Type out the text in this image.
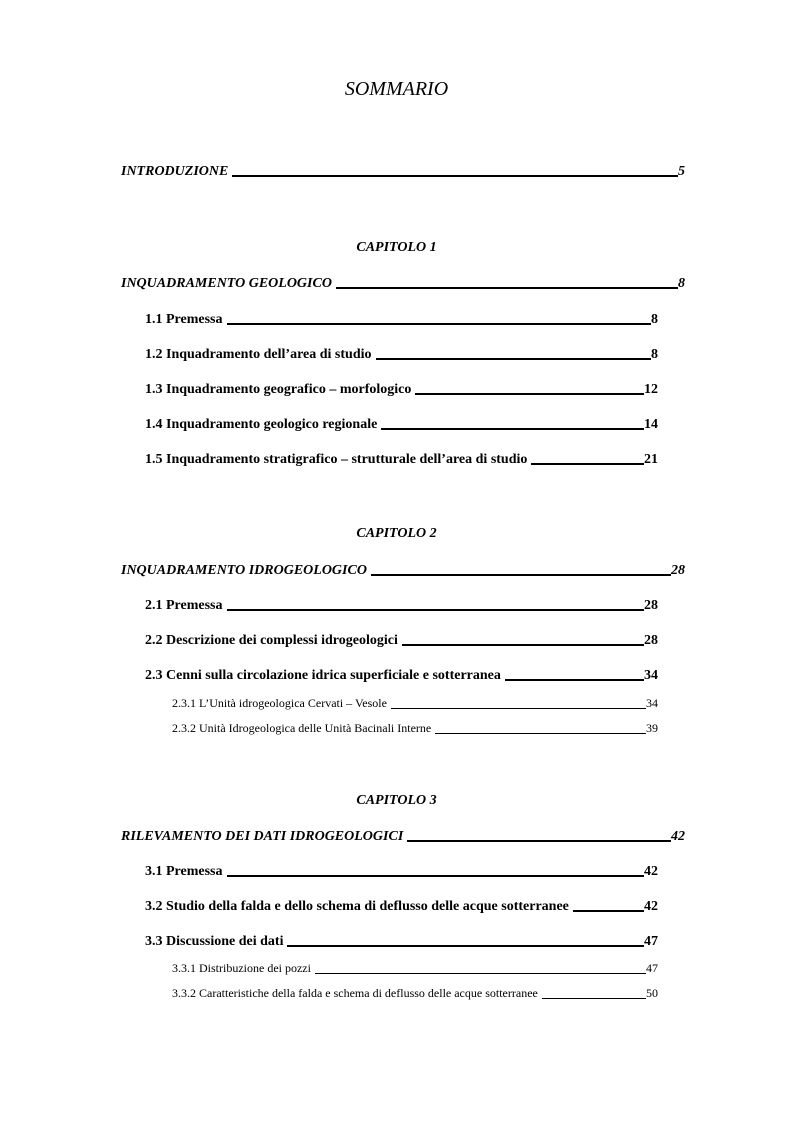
SOMMARIO
INTRODUZIONE	5
CAPITOLO 1
INQUADRAMENTO GEOLOGICO	8
1.1 Premessa	8
1.2 Inquadramento dell’area di studio	8
1.3 Inquadramento geografico – morfologico	12
1.4 Inquadramento geologico regionale	14
1.5 Inquadramento stratigrafico – strutturale dell’area di studio	21
CAPITOLO 2
INQUADRAMENTO IDROGEOLOGICO	28
2.1 Premessa	28
2.2 Descrizione dei complessi idrogeologici	28
2.3 Cenni sulla circolazione idrica superficiale e sotterranea	34
2.3.1 L’Unità idrogeologica Cervati – Vesole	34
2.3.2 Unità Idrogeologica delle Unità Bacinali Interne	39
CAPITOLO 3
RILEVAMENTO DEI DATI IDROGEOLOGICI	42
3.1 Premessa	42
3.2 Studio della falda e dello schema di deflusso delle acque sotterranee	42
3.3 Discussione dei dati	47
3.3.1 Distribuzione dei pozzi	47
3.3.2 Caratteristiche della falda e schema di deflusso delle acque sotterranee	50
